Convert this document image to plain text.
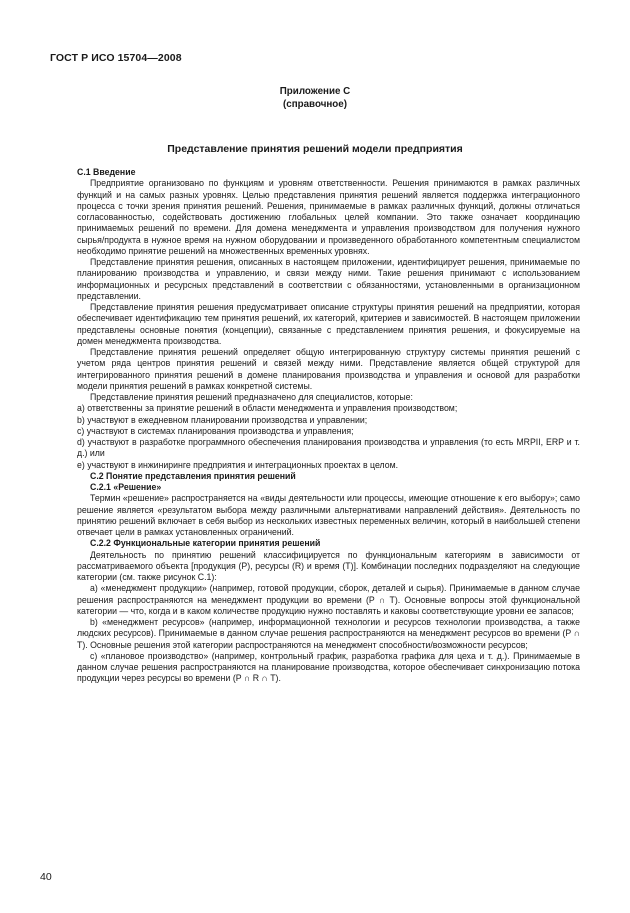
ГОСТ Р ИСО 15704—2008
Приложение С
(справочное)
Представление принятия решений модели предприятия

С.1 Введение

Предприятие организовано по функциям и уровням ответственности. Решения принимаются в рамках различных функций и на самых разных уровнях. Целью представления принятия решений является поддержка интеграционного процесса с точки зрения принятия решений. Решения, принимаемые в рамках различных функций, должны отличаться согласованностью, содействовать достижению глобальных целей компании. Это также означает координацию принимаемых решений по времени. Для домена менеджмента и управления производством для получения нужного сырья/продукта в нужное время на нужном оборудовании и произведенного обработанного компетентным специалистом необходимо принятие решений на множественных временных уровнях.

Представление принятия решения, описанных в настоящем приложении, идентифицирует решения, принимаемые по планированию производства и управлению, и связи между ними. Такие решения принимают с использованием информационных и ресурсных представлений в соответствии с обязанностями, установленными в организационном представлении.

Представление принятия решения предусматривает описание структуры принятия решений на предприятии, которая обеспечивает идентификацию тем принятия решений, их категорий, критериев и зависимостей. В настоящем приложении представлены основные понятия (концепции), связанные с представлением принятия решения, и фокусируемые на домен менеджмента производства.

Представление принятия решений определяет общую интегрированную структуру системы принятия решений с учетом ряда центров принятия решений и связей между ними. Представление является общей структурой для интегрированного принятия решений в домене планирования производства и управления и основой для разработки модели принятия решений в рамках конкретной системы.

Представление принятия решений предназначено для специалистов, которые:

а) ответственны за принятие решений в области менеджмента и управления производством;

b) участвуют в ежедневном планировании производства и управлении;

с) участвуют в системах планирования производства и управления;

d) участвуют в разработке программного обеспечения планирования производства и управления (то есть MRPII, ERP и т. д.) или

е) участвуют в инжиниринге предприятия и интеграционных проектах в целом.

С.2 Понятие представления принятия решений

С.2.1 «Решение»

Термин «решение» распространяется на «виды деятельности или процессы, имеющие отношение к его выбору»; само решение является «результатом выбора между различными альтернативами направлений действия». Деятельность по принятию решений включает в себя выбор из нескольких известных переменных величин, который в наибольшей степени отвечает цели в рамках установленных ограничений.

С.2.2 Функциональные категории принятия решений

Деятельность по принятию решений классифицируется по функциональным категориям в зависимости от рассматриваемого объекта [продукция (Р), ресурсы (R) и время (Т)]. Комбинации последних подразделяют на следующие категории (см. также рисунок С.1):

а) «менеджмент продукции» (например, готовой продукции, сборок, деталей и сырья). Принимаемые в данном случае решения распространяются на менеджмент продукции во времени (Р ∩ Т). Основные вопросы этой функциональной категории — что, когда и в каком количестве продукцию нужно поставлять и каковы соответствующие уровни ее запасов;

b) «менеджмент ресурсов» (например, информационной технологии и ресурсов технологии производства, а также людских ресурсов). Принимаемые в данном случае решения распространяются на менеджмент ресурсов во времени (Р ∩ Т). Основные решения этой категории распространяются на менеджмент способности/возможности ресурсов;

с) «плановое производство» (например, контрольный график, разработка графика для цеха и т. д.). Принимаемые в данном случае решения распространяются на планирование производства, которое обеспечивает синхронизацию потока продукции через ресурсы во времени (Р ∩ R ∩ Т).

40
